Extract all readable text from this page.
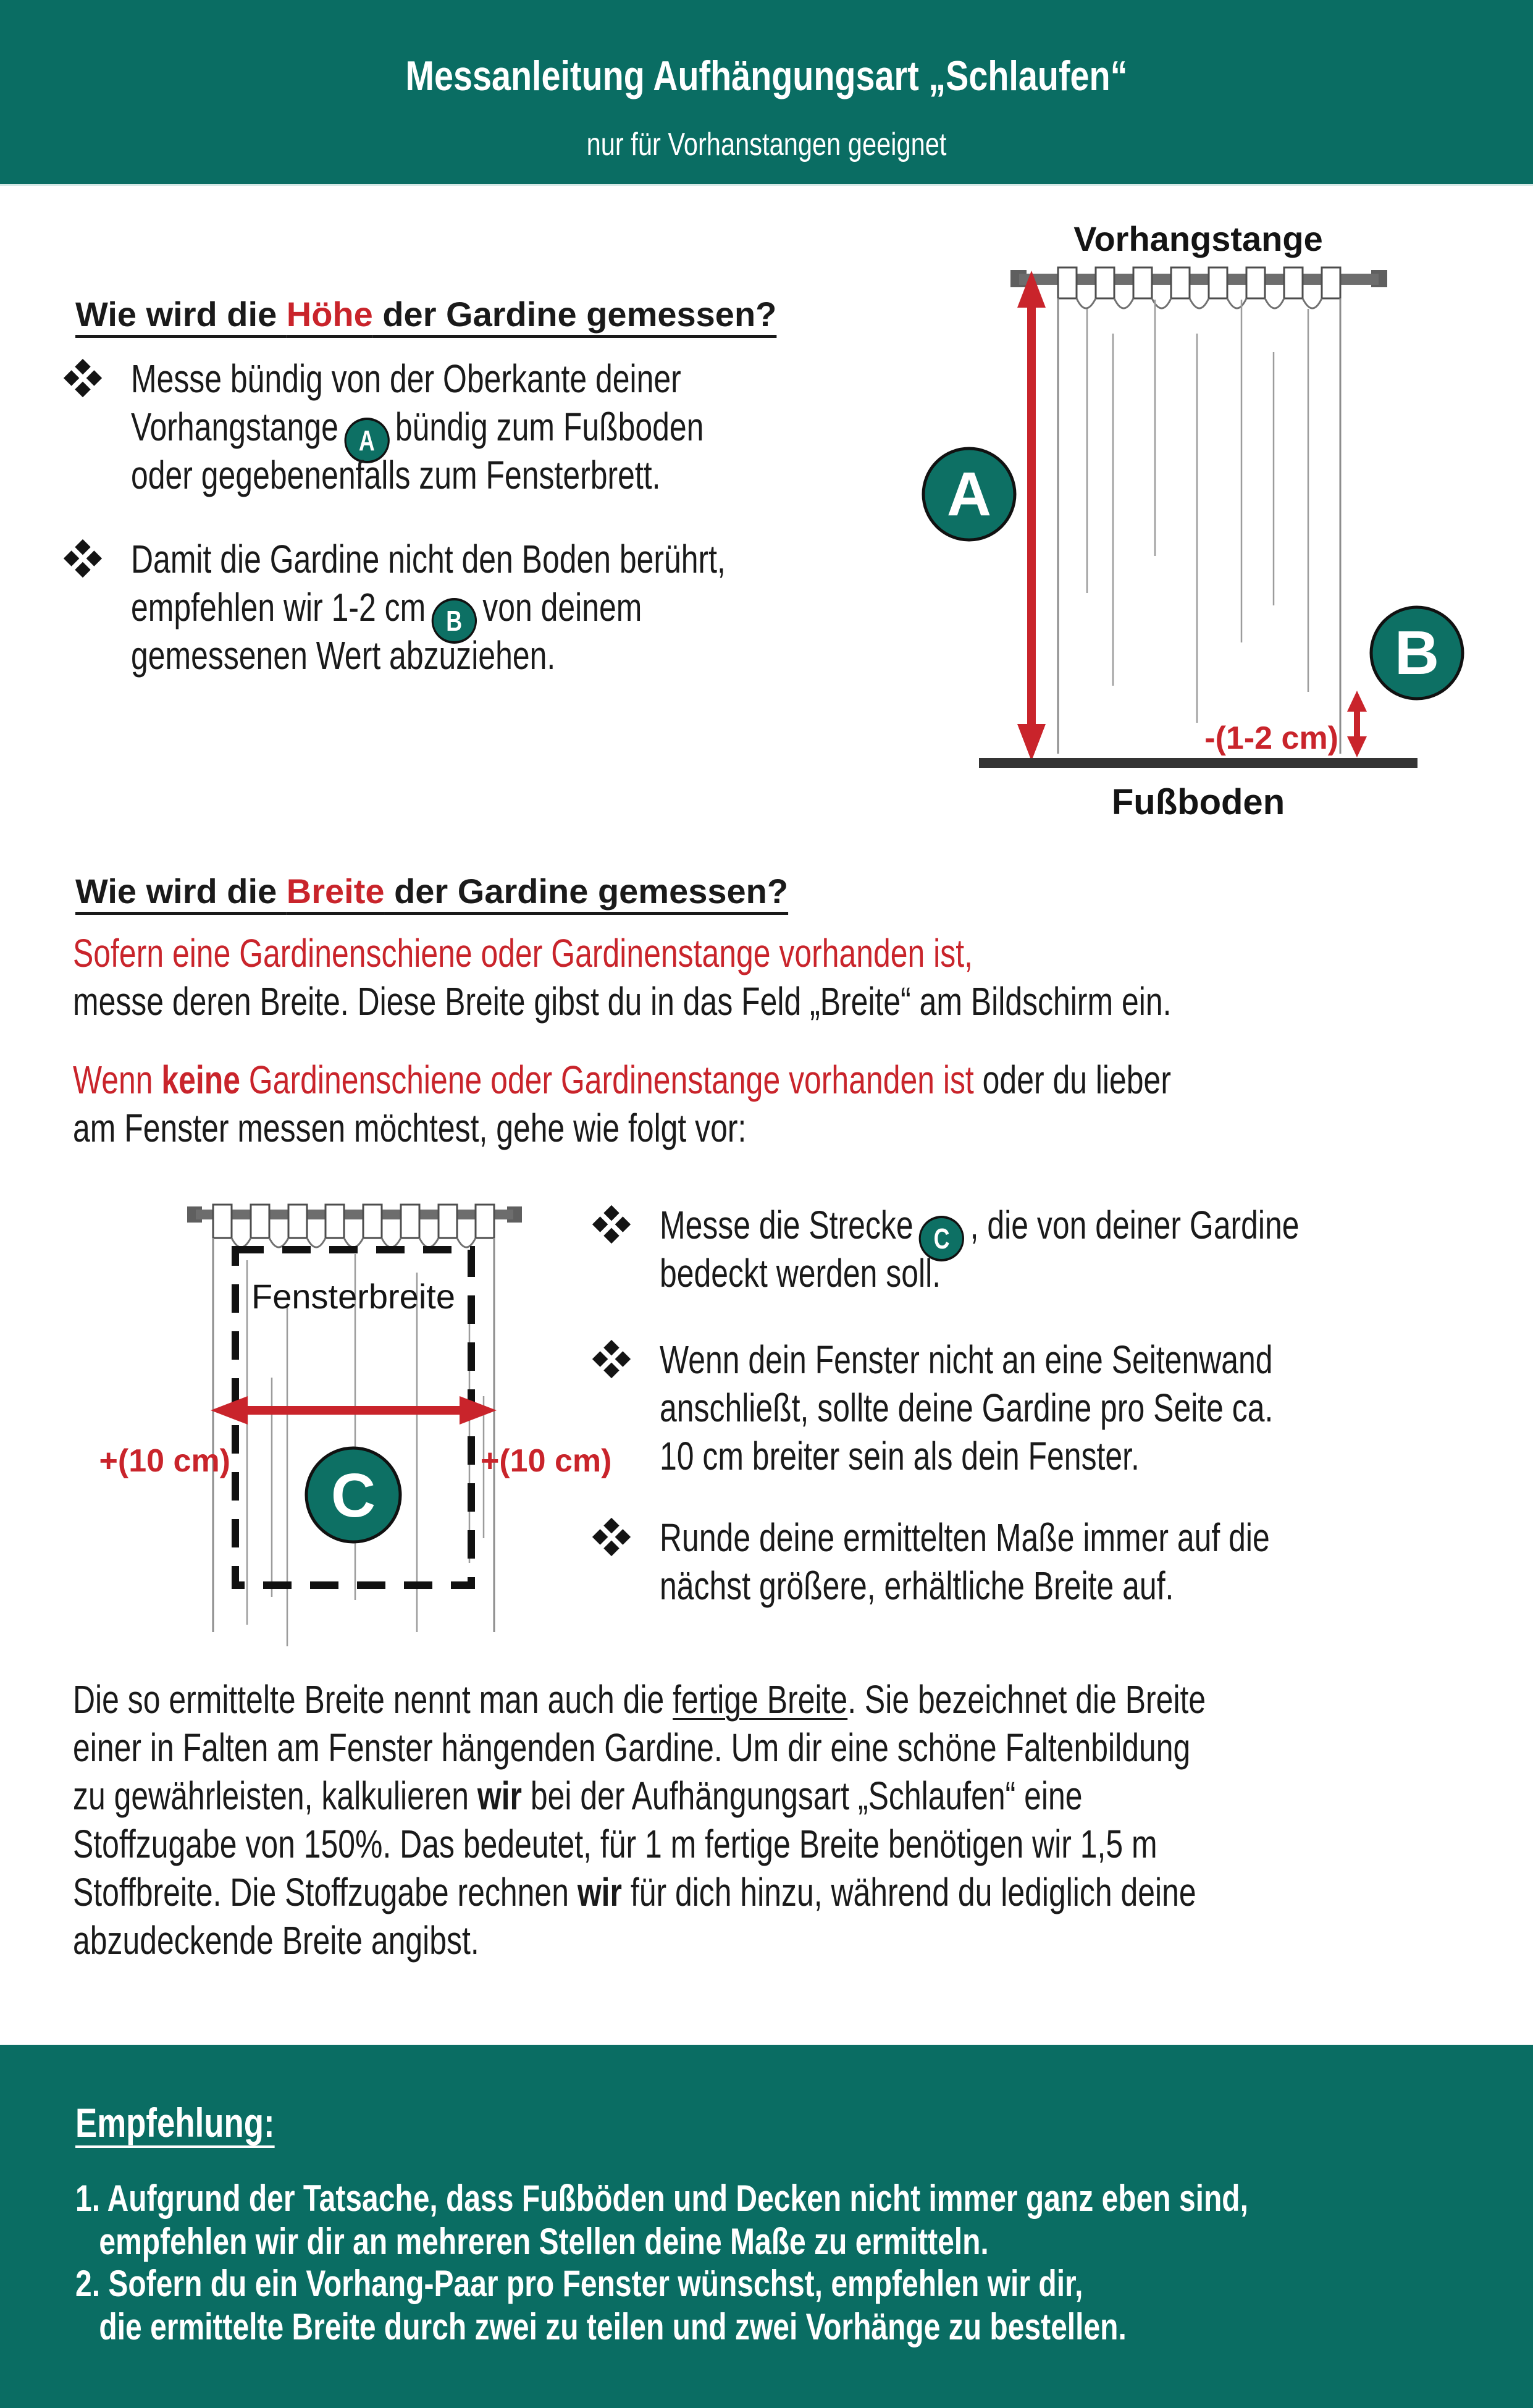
Messanleitung Aufhängungsart „Schlaufen“
nur für Vorhanstangen geeignet
Wie wird die Höhe der Gardine gemessen?
Messe bündig von der Oberkante deiner
Vorhangstange A bündig zum Fußboden
oder gegebenenfalls zum Fensterbrett.
Damit die Gardine nicht den Boden berührt,
empfehlen wir 1-2 cm B von deinem
gemessenen Wert abzuziehen.
Vorhangstange
A
B
-(1-2 cm)
Fußboden
Wie wird die Breite der Gardine gemessen?
Sofern eine Gardinenschiene oder Gardinenstange vorhanden ist,
messe deren Breite. Diese Breite gibst du in das Feld „Breite“ am Bildschirm ein.
Wenn keine Gardinenschiene oder Gardinenstange vorhanden ist oder du lieber
am Fenster messen möchtest, gehe wie folgt vor:
Fensterbreite
+(10 cm)	+(10 cm)
C
Messe die Strecke C , die von deiner Gardine
bedeckt werden soll.
Wenn dein Fenster nicht an eine Seitenwand
anschließt, sollte deine Gardine pro Seite ca.
10 cm breiter sein als dein Fenster.
Runde deine ermittelten Maße immer auf die
nächst größere, erhältliche Breite auf.
Die so ermittelte Breite nennt man auch die fertige Breite. Sie bezeichnet die Breite
einer in Falten am Fenster hängenden Gardine. Um dir eine schöne Faltenbildung
zu gewährleisten, kalkulieren wir bei der Aufhängungsart „Schlaufen“ eine
Stoffzugabe von 150%. Das bedeutet, für 1 m fertige Breite benötigen wir 1,5 m
Stoffbreite. Die Stoffzugabe rechnen wir für dich hinzu, während du lediglich deine
abzudeckende Breite angibst.
Empfehlung:
1. Aufgrund der Tatsache, dass Fußböden und Decken nicht immer ganz eben sind,
empfehlen wir dir an mehreren Stellen deine Maße zu ermitteln.
2. Sofern du ein Vorhang-Paar pro Fenster wünschst, empfehlen wir dir,
die ermittelte Breite durch zwei zu teilen und zwei Vorhänge zu bestellen.
